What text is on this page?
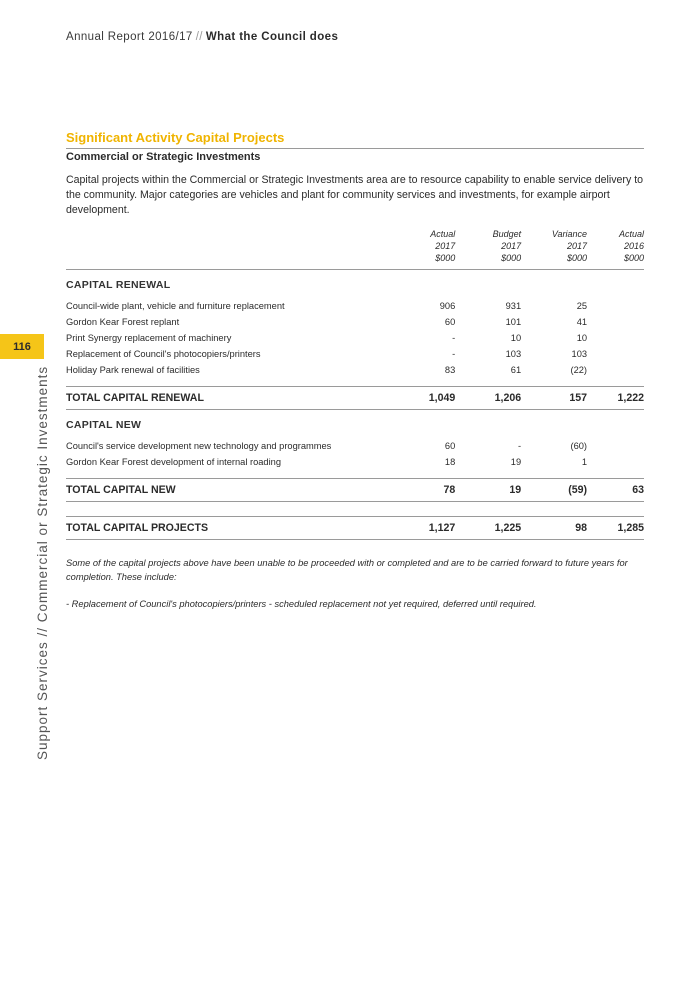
Annual Report 2016/17 // What the Council does
116
Support Services // Commercial or Strategic Investments
Significant Activity Capital Projects
Commercial or Strategic Investments

Capital projects within the Commercial or Strategic Investments area are to resource capability to enable service delivery to the community. Major categories are vehicles and plant for community services and investments, for example airport development.

	Actual
2017
$000	Budget
2017
$000	Variance
2017
$000	Actual
2016
$000
CAPITAL RENEWAL				
Council-wide plant, vehicle and furniture replacement	906	931	25	
Gordon Kear Forest replant	60	101	41	
Print Synergy replacement of machinery	-	10	10	
Replacement of Council's photocopiers/printers	-	103	103	
Holiday Park renewal of facilities	83	61	(22)	

TOTAL CAPITAL RENEWAL	1,049	1,206	157	1,222
CAPITAL NEW				
Council's service development new technology and programmes	60	-	(60)	
Gordon Kear Forest development of internal roading	18	19	1	

TOTAL CAPITAL NEW	78	19	(59)	63

TOTAL CAPITAL PROJECTS	1,127	1,225	98	1,285
Some of the capital projects above have been unable to be proceeded with or completed and are to be carried forward to future years for completion. These include:
- Replacement of Council's photocopiers/printers - scheduled replacement not yet required, deferred until required.
